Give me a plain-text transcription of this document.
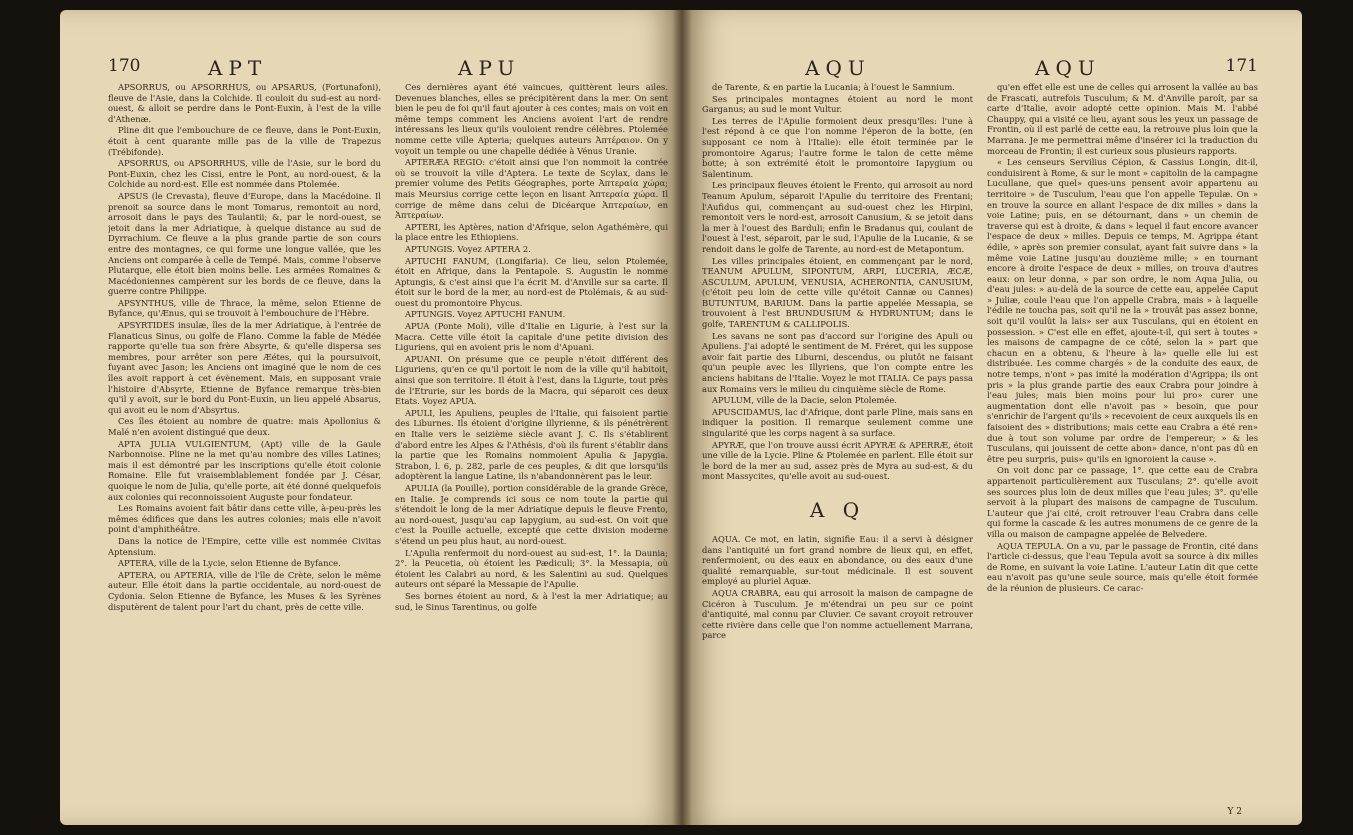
170	APT	APU

APSORRUS, ou APSORRHUS, ou APSARUS, (Fortunafoni), fleuve de l'Asie, dans la Colchide. Il couloit du sud-est au nord-ouest, & alloit se perdre dans le Pont-Euxin, à l'est de la ville d'Athenæ.

Pline dit que l'embouchure de ce fleuve, dans le Pont-Euxin, étoit à cent quarante mille pas de la ville de Trapezus (Trébifonde).

APSORRUS, ou APSORRHUS, ville de l'Asie, sur le bord du Pont-Euxin, chez les Cissi, entre le Pont, au nord-ouest, & la Colchide au nord-est. Elle est nommée dans Ptolemée.

APSUS (le Crevasta), fleuve d'Europe, dans la Macédoine. Il prenoit sa source dans le mont Tomarus, remontoit au nord, arrosoit dans le pays des Taulantii; &, par le nord-ouest, se jetoit dans la mer Adriatique, à quelque distance au sud de Dyrrachium. Ce fleuve a la plus grande partie de son cours entre des montagnes, ce qui forme une longue vallée, que les Anciens ont comparée à celle de Tempé. Mais, comme l'observe Plutarque, elle étoit bien moins belle. Les armées Romaines & Macédoniennes campèrent sur les bords de ce fleuve, dans la guerre contre Philippe.

APSYNTHUS, ville de Thrace, la même, selon Etienne de Byfance, qu'Ænus, qui se trouvoit à l'embouchure de l'Hèbre.

APSYRTIDES insulæ, îles de la mer Adriatique, à l'entrée de Flanaticus Sinus, ou golfe de Flano. Comme la fable de Médée rapporte qu'elle tua son frère Absyrte, & qu'elle dispersa ses membres, pour arrêter son pere Æétes, qui la poursuivoit, fuyant avec Jason; les Anciens ont imaginé que le nom de ces îles avoit rapport à cet évènement. Mais, en supposant vraie l'histoire d'Absyrte, Etienne de Byfance remarque très-bien qu'il y avoit, sur le bord du Pont-Euxin, un lieu appelé Absarus, qui avoit eu le nom d'Absyrtus.

Ces îles étoient au nombre de quatre: mais Apollonius & Malé n'en avoient distingué que deux.

APTA JULIA VULGIENTUM, (Apt) ville de la Gaule Narbonnoise. Pline ne la met qu'au nombre des villes Latines; mais il est démontré par les inscriptions qu'elle étoit colonie Romaine. Elle fut vraisemblablement fondée par J. César, quoique le nom de Julia, qu'elle porte, ait été donné quelquefois aux colonies qui reconnoissoient Auguste pour fondateur.

Les Romains avoient fait bâtir dans cette ville, à-peu-près les mêmes édifices que dans les autres colonies; mais elle n'avoit point d'amphithéâtre.

Dans la notice de l'Empire, cette ville est nommée Civitas Aptensium.

APTERA, ville de la Lycie, selon Etienne de Byfance.

APTERA, ou APTERIA, ville de l'île de Crète, selon le même auteur. Elle étoit dans la partie occidentale, au nord-ouest de Cydonia. Selon Etienne de Byfance, les Muses & les Syrènes disputèrent de talent pour l'art du chant, près de cette ville.

Ces dernières ayant été vaincues, quittèrent leurs ailes. Devenues blanches, elles se précipitèrent dans la mer. On sent bien le peu de foi qu'il faut ajouter à ces contes; mais on voit en même temps comment les Anciens avoient l'art de rendre intéressans les lieux qu'ils vouloient rendre célèbres. Ptolemée nomme cette ville Apteria; quelques auteurs Ἀπτέραιον. On y voyoit un temple ou une chapelle dédiée à Vénus Uranie.

APTERÆA REGIO: c'étoit ainsi que l'on nommoit la contrée où se trouvoit la ville d'Aptera. Le texte de Scylax, dans le premier volume des Petits Géographes, porte Ἀπτεραία χώρα; mais Meursius corrige cette leçon en lisant Ἀπτεραία χώρα. Il corrige de même dans celui de Dicéarque Ἀπτεραίων, en Ἀπτεραίων.

APTERI, les Aptères, nation d'Afrique, selon Agathémère, qui la place entre les Ethiopiens.

APTUNGIS. Voyez APTERA 2.

APTUCHI FANUM, (Longifaria). Ce lieu, selon Ptolemée, étoit en Afrique, dans la Pentapole. S. Augustin le nomme Aptungis, & c'est ainsi que l'a écrit M. d'Anville sur sa carte. Il étoit sur le bord de la mer, au nord-est de Ptolémais, & au sud-ouest du promontoire Phycus.

APTUNGIS. Voyez APTUCHI FANUM.

APUA (Ponte Moli), ville d'Italie en Ligurie, à l'est sur la Macra. Cette ville étoit la capitale d'une petite division des Liguriens, qui en avoient pris le nom d'Apuani.

APUANI. On présume que ce peuple n'étoit différent des Liguriens, qu'en ce qu'il portoit le nom de la ville qu'il habitoit, ainsi que son territoire. Il étoit à l'est, dans la Ligurie, tout près de l'Etrurie, sur les bords de la Macra, qui séparoit ces deux Etats. Voyez APUA.

APULI, les Apuliens, peuples de l'Italie, qui faisoient partie des Liburnes. Ils étoient d'origine illyrienne, & ils pénétrèrent en Italie vers le seizième siècle avant J. C. Ils s'établirent d'abord entre les Alpes & l'Athésis, d'où ils furent s'établir dans la partie que les Romains nommoient Apulia & Japygia. Strabon, l. 6, p. 282, parle de ces peuples, & dit que lorsqu'ils adoptèrent la langue Latine, ils n'abandonnèrent pas le leur.

APULIA (la Pouille), portion considérable de la grande Grèce, en Italie. Je comprends ici sous ce nom toute la partie qui s'étendoit le long de la mer Adriatique depuis le fleuve Frento, au nord-ouest, jusqu'au cap Iapygium, au sud-est. On voit que c'est la Pouille actuelle, excepté que cette division moderne s'étend un peu plus haut, au nord-ouest.

L'Apulia renfermoit du nord-ouest au sud-est, 1°. la Daunia; 2°. la Peucetia, où étoient les Pædiculi; 3°. la Messapia, où étoient les Calabri au nord, & les Salentini au sud. Quelques auteurs ont séparé la Messapie de l'Apulie.

Ses bornes étoient au nord, & à l'est la mer Adriatique; au sud, le Sinus Tarentinus, ou golfe

AQU	AQU	171

de Tarente, & en partie la Lucania; à l'ouest le Samnium.

Ses principales montagnes étoient au nord le mont Garganus; au sud le mont Vultur.

Les terres de l'Apulie formoient deux presqu'îles: l'une à l'est répond à ce que l'on nomme l'éperon de la botte, (en supposant ce nom à l'Italie): elle étoit terminée par le promontoire Agarus; l'autre forme le talon de cette même botte; à son extrémité étoit le promontoire Iapygium ou Salentinum.

Les principaux fleuves étoient le Frento, qui arrosoit au nord Teanum Apulum, séparoit l'Apulie du territoire des Frentani; l'Aufidus qui, commençant au sud-ouest chez les Hirpini, remontoit vers le nord-est, arrosoit Canusium, & se jetoit dans la mer à l'ouest des Barduli; enfin le Bradanus qui, coulant de l'ouest à l'est, séparoit, par le sud, l'Apulie de la Lucanie, & se rendoit dans le golfe de Tarente, au nord-est de Metapontum.

Les villes principales étoient, en commençant par le nord, TEANUM APULUM, SIPONTUM, ARPI, LUCERIA, ÆCÆ, ASCULUM, APULUM, VENUSIA, ACHERONTIA, CANUSIUM, (c'étoit peu loin de cette ville qu'étoit Cannæ ou Cannes) BUTUNTUM, BARIUM. Dans la partie appelée Messapia, se trouvoient à l'est BRUNDUSIUM & HYDRUNTUM; dans le golfe, TARENTUM & CALLIPOLIS.

Les savans ne sont pas d'accord sur l'origine des Apuli ou Apuliens. J'ai adopté le sentiment de M. Fréret, qui les suppose avoir fait partie des Liburni, descendus, ou plutôt ne faisant qu'un peuple avec les Illyriens, que l'on compte entre les anciens habitans de l'Italie. Voyez le mot ITALIA. Ce pays passa aux Romains vers le milieu du cinquième siècle de Rome.

APULUM, ville de la Dacie, selon Ptolemée.

APUSCIDAMUS, lac d'Afrique, dont parle Pline, mais sans en indiquer la position. Il remarque seulement comme une singularité que les corps nagent à sa surface.

APYRÆ, que l'on trouve aussi écrit APYRÆ & APERRÆ, étoit une ville de la Lycie. Pline & Ptolemée en parlent. Elle étoit sur le bord de la mer au sud, assez près de Myra au sud-est, & du mont Massycites, qu'elle avoit au sud-ouest.

A Q

AQUA. Ce mot, en latin, signifie Eau: il a servi à désigner dans l'antiquité un fort grand nombre de lieux qui, en effet, renfermoient, ou des eaux en abondance, ou des eaux d'une qualité remarquable, sur-tout médicinale. Il est souvent employé au pluriel Aquæ.

AQUA CRABRA, eau qui arrosoit la maison de campagne de Cicéron à Tusculum. Je m'étendrai un peu sur ce point d'antiquité, mal connu par Cluvier. Ce savant croyoit retrouver cette rivière dans celle que l'on nomme actuellement Marrana, parce

qu'en effet elle est une de celles qui arrosent la vallée au bas de Frascati, autrefois Tusculum; & M. d'Anville paroît, par sa carte d'Italie, avoir adopté cette opinion. Mais M. l'abbé Chauppy, qui a visité ce lieu, ayant sous les yeux un passage de Frontin, où il est parlé de cette eau, la retrouve plus loin que la Marrana. Je me permettrai même d'insérer ici la traduction du morceau de Frontin; il est curieux sous plusieurs rapports.

« Les censeurs Servilius Cépion, & Cassius Longin, dit-il, conduisirent à Rome, & sur le mont » capitolin de la campagne Lucullane, que quel» ques-uns pensent avoir appartenu au territoire » de Tusculum, l'eau que l'on appelle Tepulæ. On » en trouve la source en allant l'espace de dix milles » dans la voie Latine; puis, en se détournant, dans » un chemin de traverse qui est à droite, & dans » lequel il faut encore avancer l'espace de deux » milles. Depuis ce temps, M. Agrippa étant édile, » après son premier consulat, ayant fait suivre dans » la même voie Latine jusqu'au douzième mille; » en tournant encore à droite l'espace de deux » milles, on trouva d'autres eaux: on leur donna, » par son ordre, le nom Aqua Julia, ou d'eau jules: » au-delà de la source de cette eau, appelée Caput » Juliæ, coule l'eau que l'on appelle Crabra, mais » à laquelle l'édile ne toucha pas, soit qu'il ne la » trouvât pas assez bonne, soit qu'il voulût la lais» ser aux Tusculans, qui en étoient en possession. » C'est elle en effet, ajoute-t-il, qui sert à toutes » les maisons de campagne de ce côté, selon la » part que chacun en a obtenu, & l'heure à la» quelle elle lui est distribuée. Les comme chargés » de la conduite des eaux, de notre temps, n'ont » pas imité la modération d'Agrippa; ils ont pris » la plus grande partie des eaux Crabra pour joindre à l'eau jules; mais bien moins pour lui pro» curer une augmentation dont elle n'avoit pas » besoin, que pour s'enrichir de l'argent qu'ils » recevoient de ceux auxquels ils en faisoient des » distributions; mais cette eau Crabra a été ren» due à tout son volume par ordre de l'empereur; » & les Tusculans, qui jouissent de cette abon» dance, n'ont pas dû en être peu surpris, puis» qu'ils en ignoroient la cause ».

On voit donc par ce passage, 1°. que cette eau de Crabra appartenoit particulièrement aux Tusculans; 2°. qu'elle avoit ses sources plus loin de deux milles que l'eau jules; 3°. qu'elle servoit à la plupart des maisons de campagne de Tusculum. L'auteur que j'ai cité, croit retrouver l'eau Crabra dans celle qui forme la cascade & les autres monumens de ce genre de la villa ou maison de campagne appelée de Belvedere.

AQUA TEPULA. On a vu, par le passage de Frontin, cité dans l'article ci-dessus, que l'eau Tepula avoit sa source à dix milles de Rome, en suivant la voie Latine. L'auteur Latin dit que cette eau n'avoit pas qu'une seule source, mais qu'elle étoit formée de la réunion de plusieurs. Ce carac-

Y 2
